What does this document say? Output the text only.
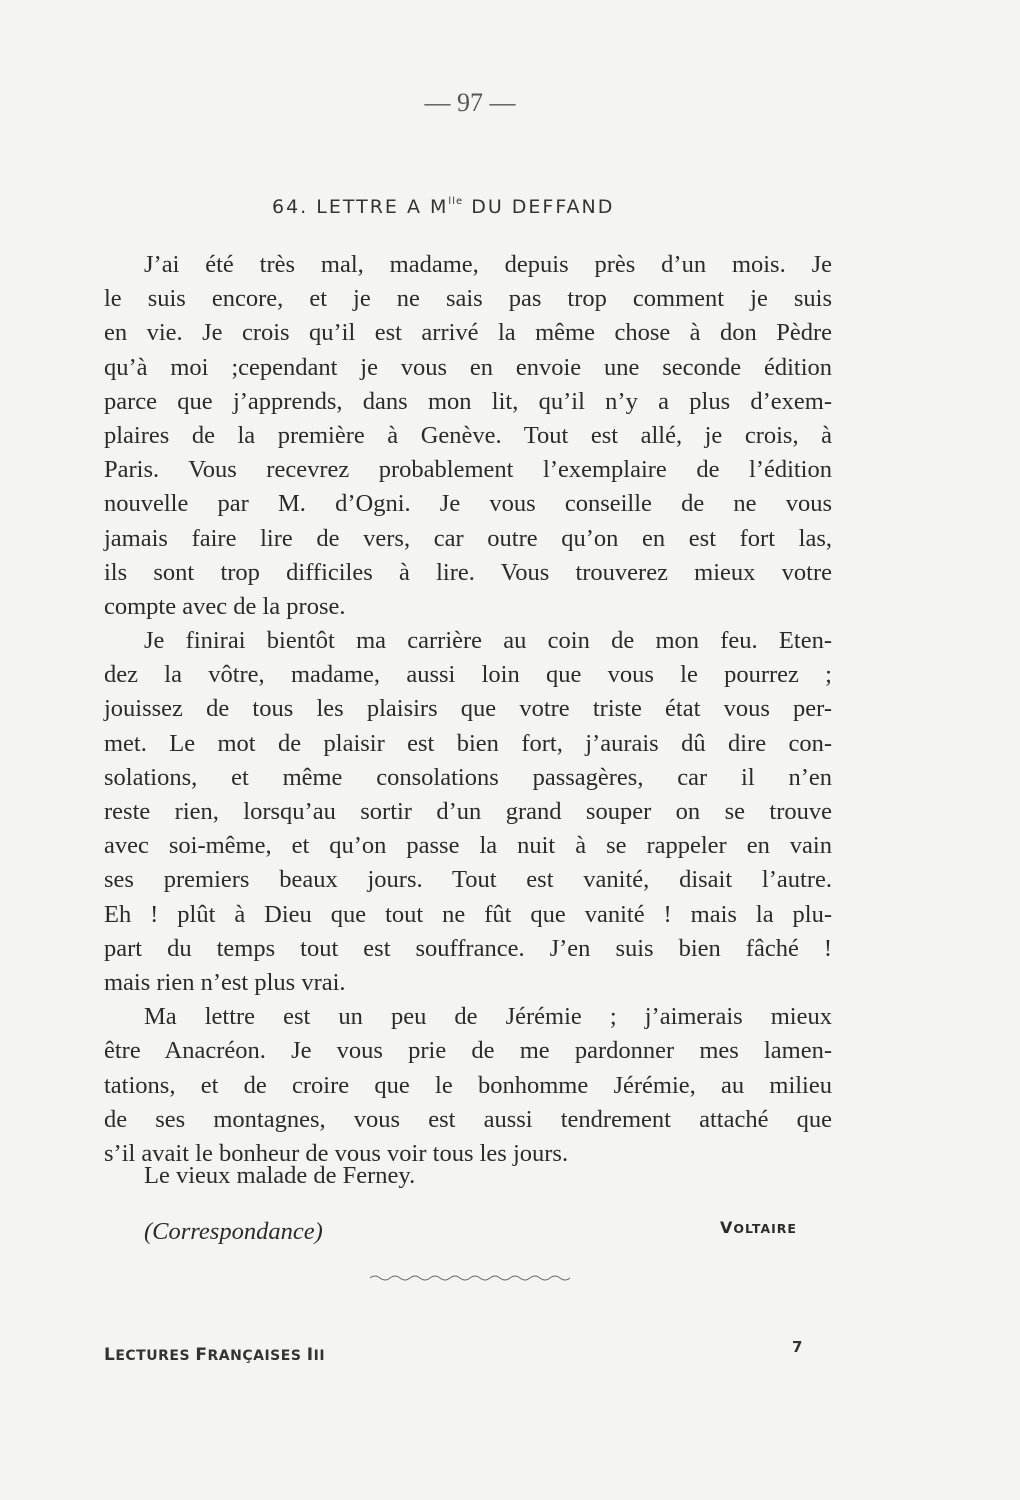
— 97 —
64. LETTRE A $M^{lle}$ DU DEFFAND
J’ai été très mal, madame, depuis près d’un mois. Je
le suis encore, et je ne sais pas trop comment je suis
en vie. Je crois qu’il est arrivé la même chose à don Pèdre
qu’à moi ;cependant je vous en envoie une seconde édition
parce que j’apprends, dans mon lit, qu’il n’y a plus d’exem-
plaires de la première à Genève. Tout est allé, je crois, à
Paris. Vous recevrez probablement l’exemplaire de l’édition
nouvelle par M. d’Ogni. Je vous conseille de ne vous
jamais faire lire de vers, car outre qu’on en est fort las,
ils sont trop difficiles à lire. Vous trouverez mieux votre
compte avec de la prose.
Je finirai bientôt ma carrière au coin de mon feu. Eten-
dez la vôtre, madame, aussi loin que vous le pourrez ;
jouissez de tous les plaisirs que votre triste état vous per-
met. Le mot de plaisir est bien fort, j’aurais dû dire con-
solations, et même consolations passagères, car il n’en
reste rien, lorsqu’au sortir d’un grand souper on se trouve
avec soi-même, et qu’on passe la nuit à se rappeler en vain
ses premiers beaux jours. Tout est vanité, disait l’autre.
Eh ! plût à Dieu que tout ne fût que vanité ! mais la plu-
part du temps tout est souffrance. J’en suis bien fâché !
mais rien n’est plus vrai.
Ma lettre est un peu de Jérémie ; j’aimerais mieux
être Anacréon. Je vous prie de me pardonner mes lamen-
tations, et de croire que le bonhomme Jérémie, au milieu
de ses montagnes, vous est aussi tendrement attaché que
s’il avait le bonheur de vous voir tous les jours.
Le vieux malade de Ferney.
(Correspondance)	VOLTAIRE
LECTURES FRANÇAISES III	7
